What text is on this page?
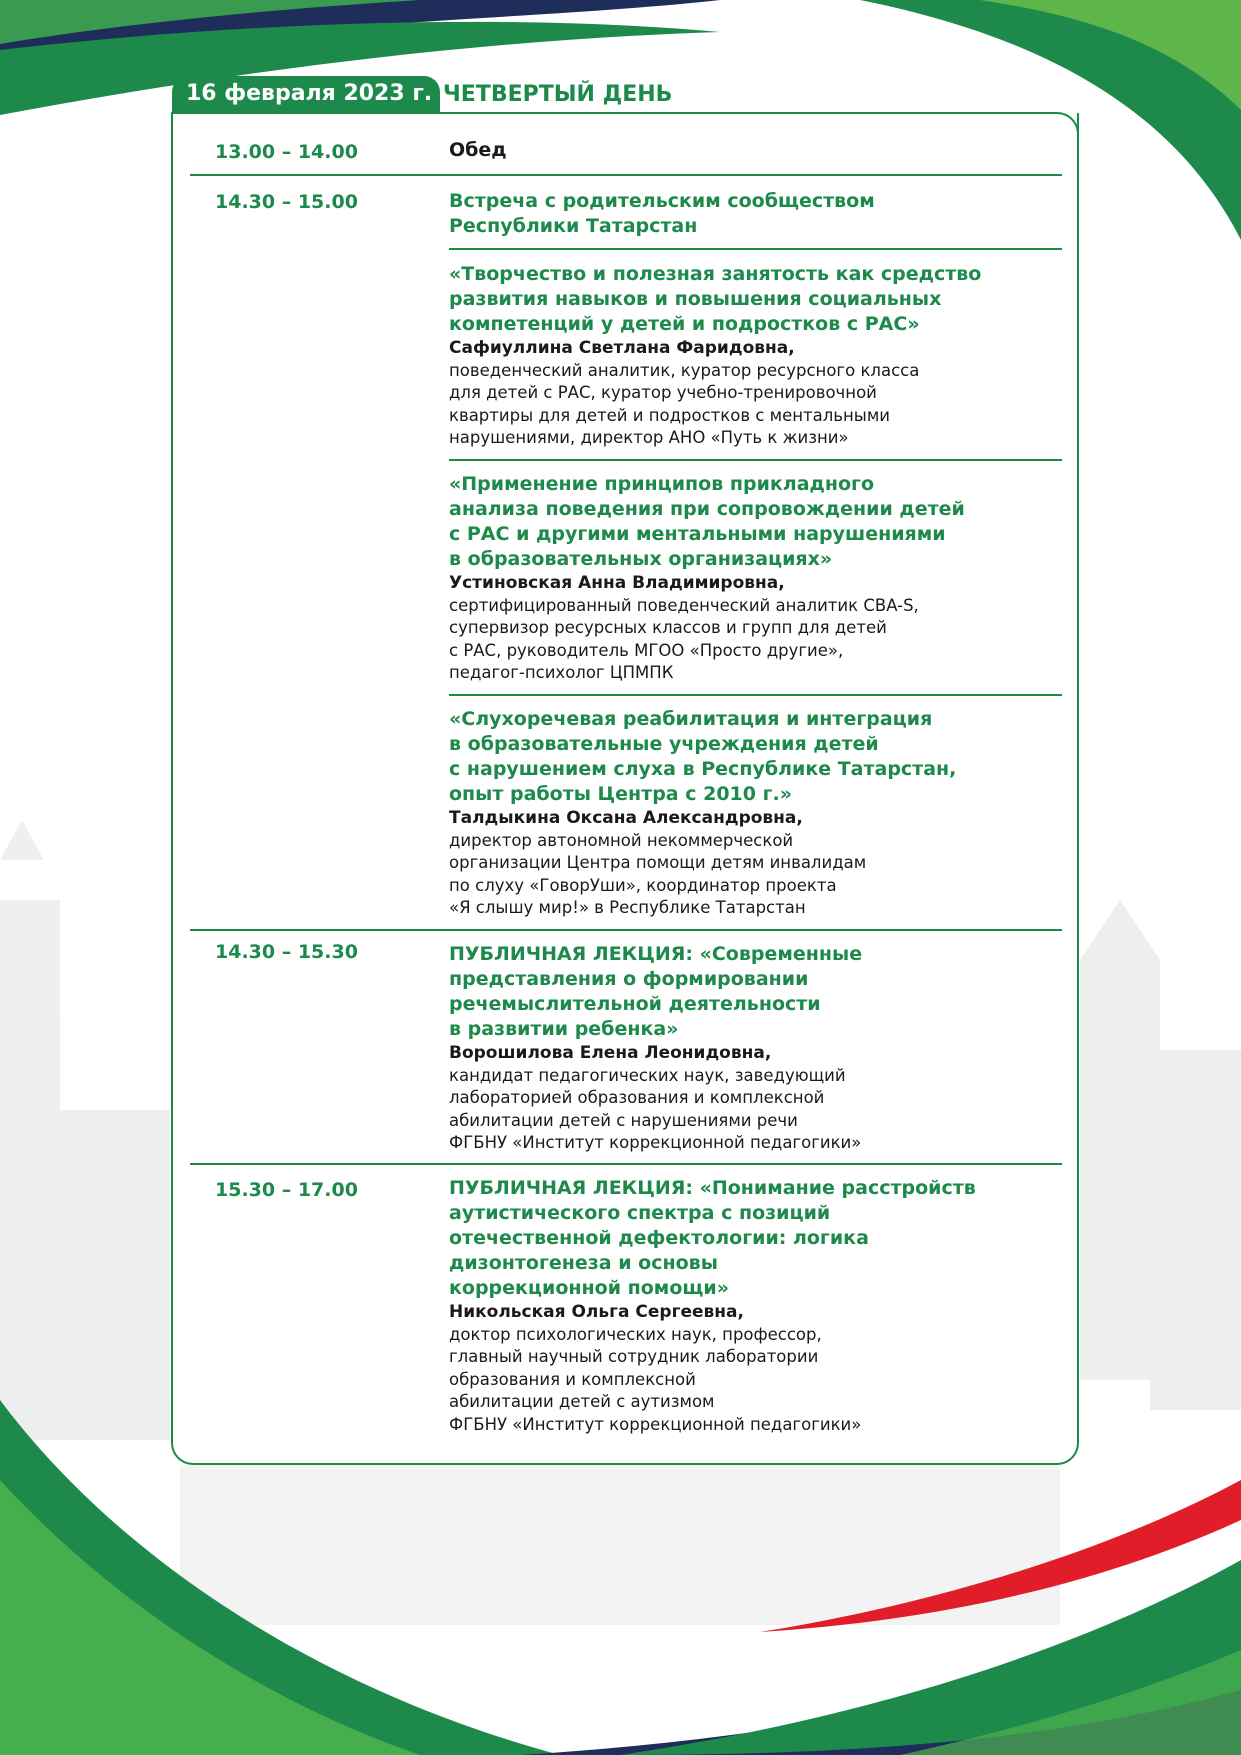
16 февраля 2023 г. ЧЕТВЕРТЫЙ ДЕНЬ
13.00 – 14.00	Обед

14.30 – 15.00	Встреча с родительским сообществом
Республики Татарстан

«Творчество и полезная занятость как средство
развития навыков и повышения социальных
компетенций у детей и подростков с РАС»

Сафиуллина Светлана Фаридовна,

поведенческий аналитик, куратор ресурсного класса
для детей с РАС, куратор учебно-тренировочной
квартиры для детей и подростков с ментальными
нарушениями, директор АНО «Путь к жизни»

«Применение принципов прикладного
анализа поведения при сопровождении детей
с РАС и другими ментальными нарушениями
в образовательных организациях»

Устиновская Анна Владимировна,

сертифицированный поведенческий аналитик CBA-S,
супервизор ресурсных классов и групп для детей
с РАС, руководитель МГОО «Просто другие»,
педагог-психолог ЦПМПК

«Слухоречевая реабилитация и интеграция
в образовательные учреждения детей
с нарушением слуха в Республике Татарстан,
опыт работы Центра с 2010 г.»

Талдыкина Оксана Александровна,

директор автономной некоммерческой
организации Центра помощи детям инвалидам
по слуху «ГоворУши», координатор проекта
«Я слышу мир!» в Республике Татарстан

14.30 – 15.30	ПУБЛИЧНАЯ ЛЕКЦИЯ: «Современные
представления о формировании
речемыслительной деятельности
в развитии ребенка»

Ворошилова Елена Леонидовна,

кандидат педагогических наук, заведующий
лабораторией образования и комплексной
абилитации детей с нарушениями речи
ФГБНУ «Институт коррекционной педагогики»

15.30 – 17.00	ПУБЛИЧНАЯ ЛЕКЦИЯ: «Понимание расстройств
аутистического спектра с позиций
отечественной дефектологии: логика
дизонтогенеза и основы
коррекционной помощи»

Никольская Ольга Сергеевна,

доктор психологических наук, профессор,
главный научный сотрудник лаборатории
образования и комплексной
абилитации детей с аутизмом
ФГБНУ «Институт коррекционной педагогики»
